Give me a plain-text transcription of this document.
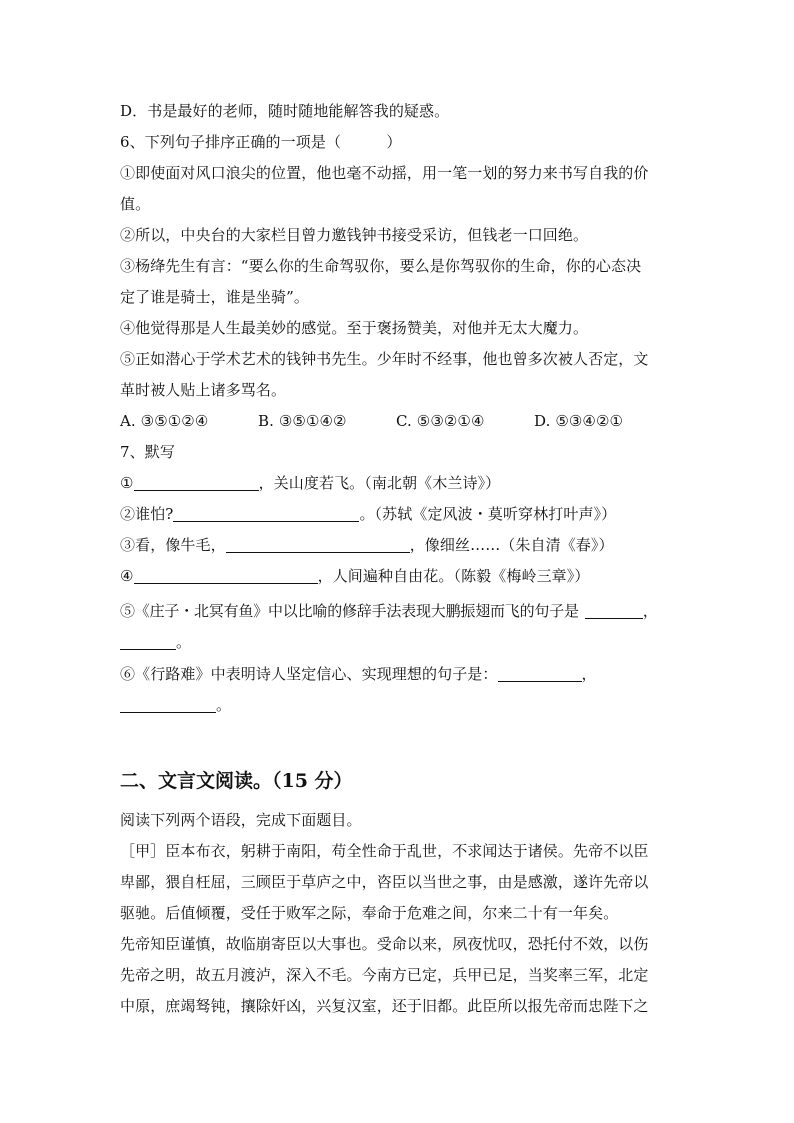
D．书是最好的老师，随时随地能解答我的疑惑。
6、下列句子排序正确的一项是（　　　）
①即使面对风口浪尖的位置，他也毫不动摇，用一笔一划的努力来书写自我的价
值。
②所以，中央台的大家栏目曾力邀钱钟书接受采访，但钱老一口回绝。
③杨绛先生有言：“要么你的生命驾驭你，要么是你驾驭你的生命，你的心态决
定了谁是骑士，谁是坐骑”。
④他觉得那是人生最美妙的感觉。至于褒扬赞美，对他并无太大魔力。
⑤正如潜心于学术艺术的钱钟书先生。少年时不经事，他也曾多次被人否定，文
革时被人贴上诸多骂名。
A. ③⑤①②④	B. ③⑤①④②	C. ⑤③②①④	D. ⑤③④②①
7、默写
①	，关山度若飞。（南北朝《木兰诗》）
②谁怕?	。（苏轼《定风波・莫听穿林打叶声》）
③看，像牛毛，	，像细丝……（朱自清《春》）
④	，人间遍种自由花。（陈毅《梅岭三章》）
⑤《庄子・北冥有鱼》中以比喻的修辞手法表现大鹏振翅而飞的句子是	，
。
⑥《行路难》中表明诗人坚定信心、实现理想的句子是：	，
。
二、文言文阅读。（15 分）
阅读下列两个语段，完成下面题目。
［甲］臣本布衣，躬耕于南阳，苟全性命于乱世，不求闻达于诸侯。先帝不以臣
卑鄙，猥自枉屈，三顾臣于草庐之中，咨臣以当世之事，由是感激，遂许先帝以
驱驰。后值倾覆，受任于败军之际，奉命于危难之间，尔来二十有一年矣。
先帝知臣谨慎，故临崩寄臣以大事也。受命以来，夙夜忧叹，恐托付不效，以伤
先帝之明，故五月渡泸，深入不毛。今南方已定，兵甲已足，当奖率三军，北定
中原，庶竭驽钝，攘除奸凶，兴复汉室，还于旧都。此臣所以报先帝而忠陛下之
